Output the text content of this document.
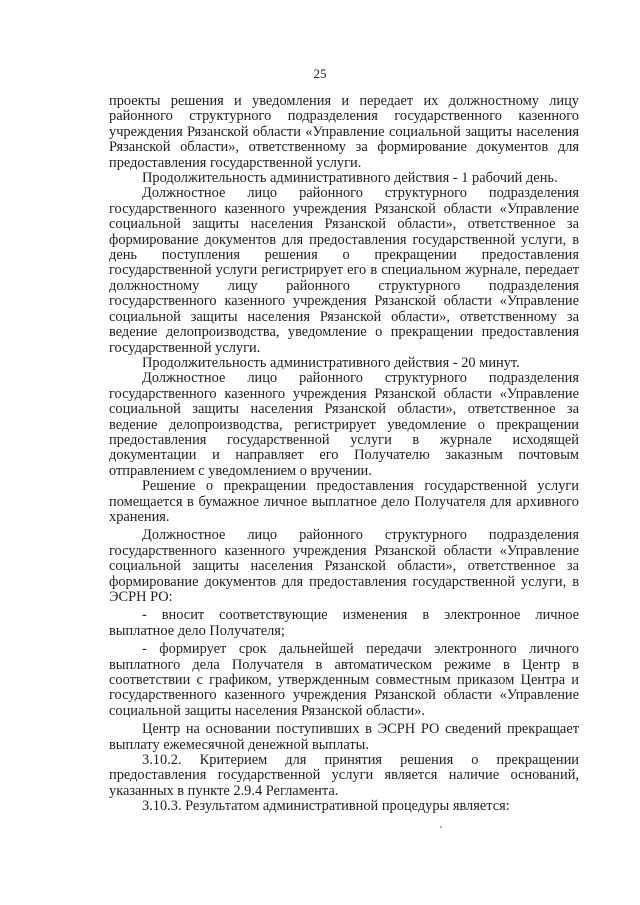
25

проекты решения и уведомления и передает их должностному лицу районного структурного подразделения государственного казенного учреждения Рязанской области «Управление социальной защиты населения Рязанской области», ответственному за формирование документов для предоставления государственной услуги.

Продолжительность административного действия - 1 рабочий день.

Должностное лицо районного структурного подразделения государственного казенного учреждения Рязанской области «Управление социальной защиты населения Рязанской области», ответственное за формирование документов для предоставления государственной услуги, в день поступления решения о прекращении предоставления государственной услуги регистрирует его в специальном журнале, передает должностному лицу районного структурного подразделения государственного казенного учреждения Рязанской области «Управление социальной защиты населения Рязанской области», ответственному за ведение делопроизводства, уведомление о прекращении предоставления государственной услуги.

Продолжительность административного действия - 20 минут.

Должностное лицо районного структурного подразделения государственного казенного учреждения Рязанской области «Управление социальной защиты населения Рязанской области», ответственное за ведение делопроизводства, регистрирует уведомление о прекращении предоставления государственной услуги в журнале исходящей документации и направляет его Получателю заказным почтовым отправлением с уведомлением о вручении.

Решение о прекращении предоставления государственной услуги помещается в бумажное личное выплатное дело Получателя для архивного хранения.

Должностное лицо районного структурного подразделения государственного казенного учреждения Рязанской области «Управление социальной защиты населения Рязанской области», ответственное за формирование документов для предоставления государственной услуги, в ЭСРН РО:

- вносит соответствующие изменения в электронное личное выплатное дело Получателя;

- формирует срок дальнейшей передачи электронного личного выплатного дела Получателя в автоматическом режиме в Центр в соответствии с графиком, утвержденным совместным приказом Центра и государственного казенного учреждения Рязанской области «Управление социальной защиты населения Рязанской области».

Центр на основании поступивших в ЭСРН РО сведений прекращает выплату ежемесячной денежной выплаты.

3.10.2. Критерием для принятия решения о прекращении предоставления государственной услуги является наличие оснований, указанных в пункте 2.9.4 Регламента.

3.10.3. Результатом административной процедуры является:
